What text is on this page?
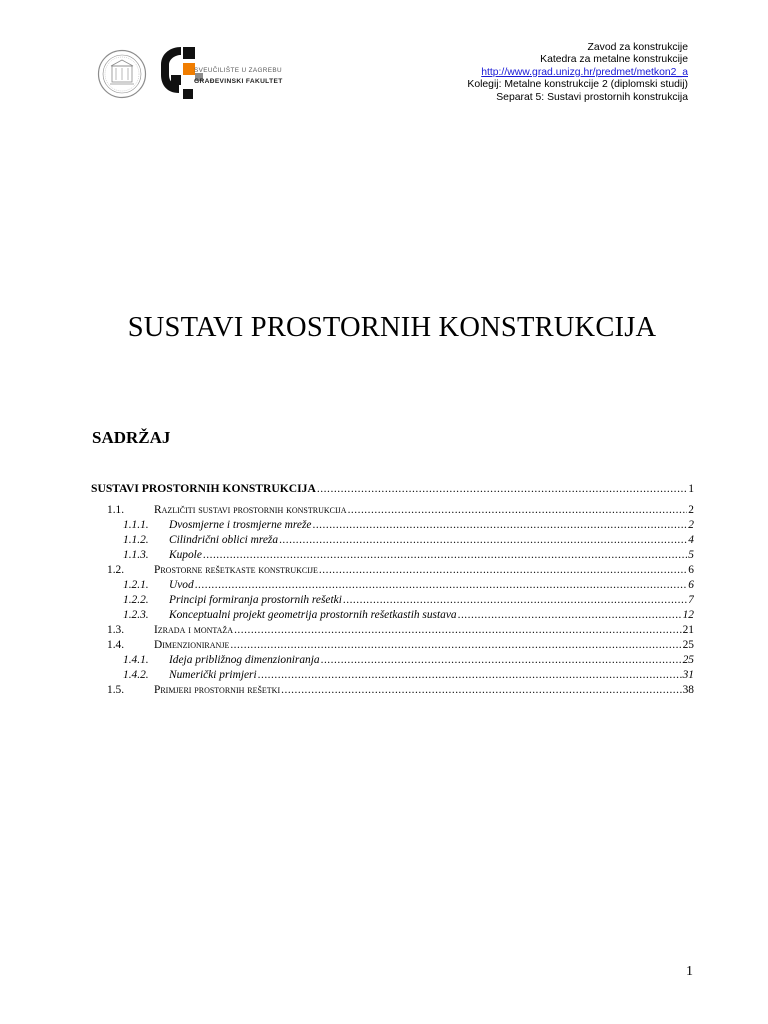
SVEUČILIŠTE U ZAGREBU
GRAĐEVINSKI FAKULTET
Zavod za konstrukcije
Katedra za metalne konstrukcije
http://www.grad.unizg.hr/predmet/metkon2_a
Kolegij: Metalne konstrukcije 2 (diplomski studij)
Separat 5: Sustavi prostornih konstrukcija
SUSTAVI PROSTORNIH KONSTRUKCIJA
SADRŽAJ
SUSTAVI PROSTORNIH KONSTRUKCIJA .....	1
1.1.	Različiti sustavi prostornih konstrukcija .....	2
1.1.1.	Dvosmjerne i trosmjerne mreže .....	2
1.1.2.	Cilindrični oblici mreža .....	4
1.1.3.	Kupole .....	5
1.2.	Prostorne rešetkaste konstrukcije .....	6
1.2.1.	Uvod .....	6
1.2.2.	Principi formiranja prostornih rešetki .....	7
1.2.3.	Konceptualni projekt geometrija prostornih rešetkastih sustava .....	12
1.3.	Izrada i montaža .....	21
1.4.	Dimenzioniranje .....	25
1.4.1.	Ideja približnog dimenzioniranja .....	25
1.4.2.	Numerički primjeri .....	31
1.5.	Primjeri prostornih rešetki .....	38
1
